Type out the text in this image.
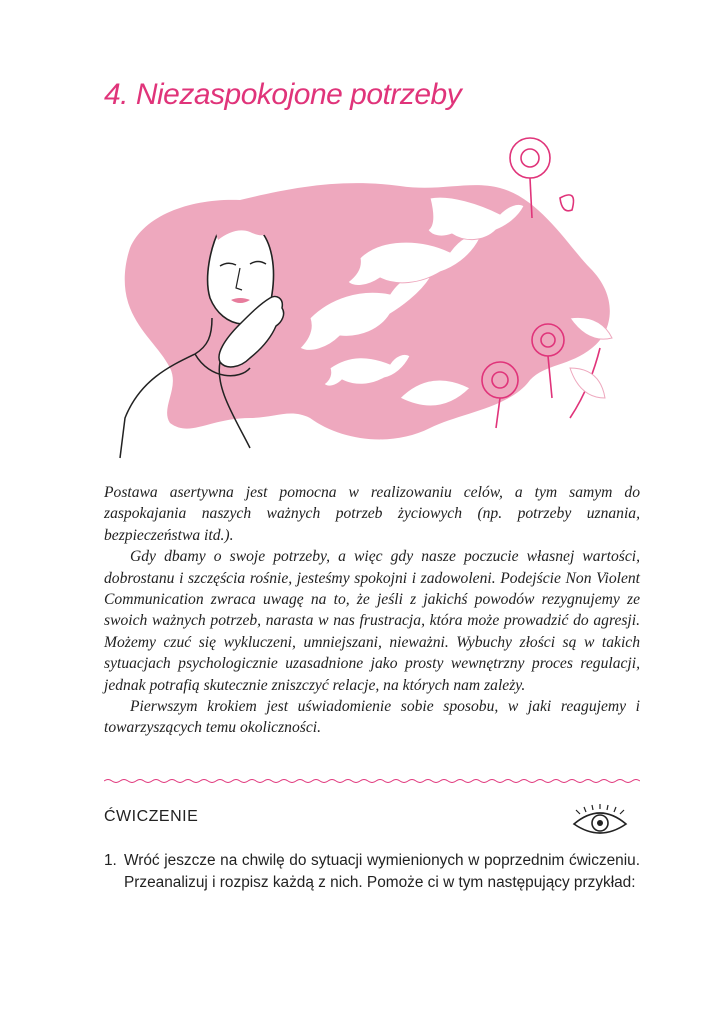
4. Niezaspokojone potrzeby

Postawa asertywna jest pomocna w realizowaniu celów, a tym samym do zaspokajania naszych ważnych potrzeb życiowych (np. potrzeby uznania, bezpieczeństwa itd.).

Gdy dbamy o swoje potrzeby, a więc gdy nasze poczucie własnej wartości, dobrostanu i szczęścia rośnie, jesteśmy spokojni i zadowoleni. Podejście Non Violent Communication zwraca uwagę na to, że jeśli z jakichś powodów rezygnujemy ze swoich ważnych potrzeb, narasta w nas frustracja, która może prowadzić do agresji. Możemy czuć się wykluczeni, umniejszani, nieważni. Wybuchy złości są w takich sytuacjach psychologicznie uzasadnione jako prosty wewnętrzny proces regulacji, jednak potrafią skutecznie zniszczyć relacje, na których nam zależy.

Pierwszym krokiem jest uświadomienie sobie sposobu, w jaki reagujemy i towarzyszących temu okoliczności.

ĆWICZENIE
1. Wróć jeszcze na chwilę do sytuacji wymienionych w poprzednim ćwiczeniu. Przeanalizuj i rozpisz każdą z nich. Pomoże ci w tym następujący przykład:
